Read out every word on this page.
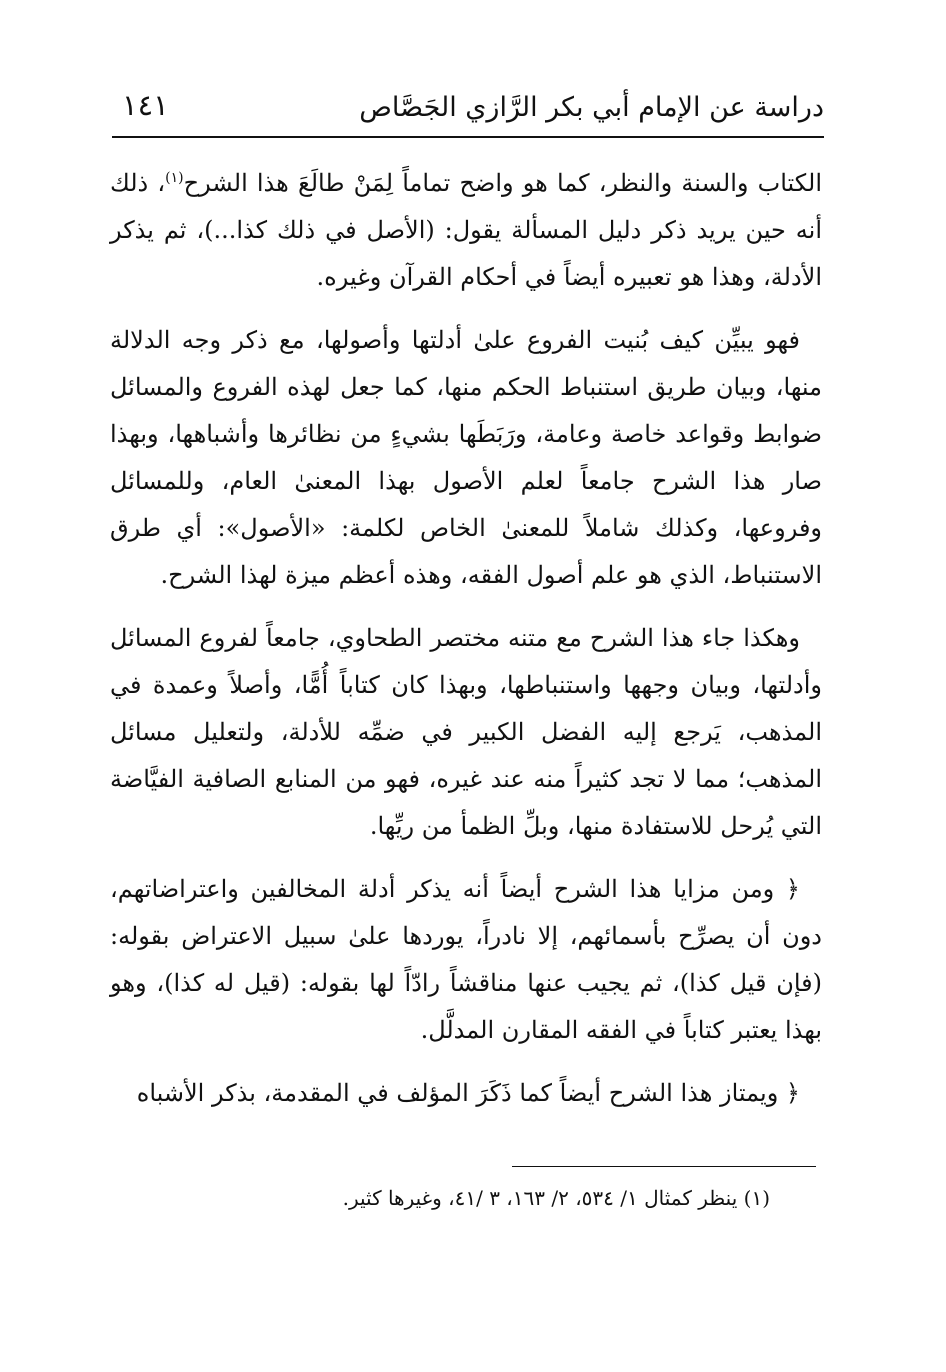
دراسة عن الإمام أبي بكر الرَّازي الجَصَّاص
١٤١

الكتاب والسنة والنظر، كما هو واضح تماماً لِمَنْ طالَعَ هذا الشرح$^{(١)}$، ذلك أنه حين يريد ذكر دليل المسألة يقول: (الأصل في ذلك كذا...)، ثم يذكر الأدلة، وهذا هو تعبيره أيضاً في أحكام القرآن وغيره.

فهو يبيِّن كيف بُنيت الفروع علىٰ أدلتها وأصولها، مع ذكر وجه الدلالة منها، وبيان طريق استنباط الحكم منها، كما جعل لهذه الفروع والمسائل ضوابط وقواعد خاصة وعامة، ورَبَطَها بشيءٍ من نظائرها وأشباهها، وبهذا صار هذا الشرح جامعاً لعلم الأصول بهذا المعنىٰ العام، وللمسائل وفروعها، وكذلك شاملاً للمعنىٰ الخاص لكلمة: «الأصول»: أي طرق الاستنباط، الذي هو علم أصول الفقه، وهذه أعظم ميزة لهذا الشرح.

وهكذا جاء هذا الشرح مع متنه مختصر الطحاوي، جامعاً لفروع المسائل وأدلتها، وبيان وجهها واستنباطها، وبهذا كان كتاباً أُمًّا، وأصلاً وعمدة في المذهب، يَرجع إليه الفضل الكبير في ضمِّه للأدلة، ولتعليل مسائل المذهب؛ مما لا تجد كثيراً منه عند غيره، فهو من المنابع الصافية الفيَّاضة التي يُرحل للاستفادة منها، وبلِّ الظمأ من ريِّها.

﴿ ومن مزايا هذا الشرح أيضاً أنه يذكر أدلة المخالفين واعتراضاتهم، دون أن يصرِّح بأسمائهم، إلا نادراً، يوردها علىٰ سبيل الاعتراض بقوله: (فإن قيل كذا)، ثم يجيب عنها مناقشاً رادّاً لها بقوله: (قيل له كذا)، وهو بهذا يعتبر كتاباً في الفقه المقارن المدلَّل.

﴿ ويمتاز هذا الشرح أيضاً كما ذَكَرَ المؤلف في المقدمة، بذكر الأشباه

(١) ينظر كمثال ١/ ٥٣٤، ٢/ ١٦٣، ٣ /٤١، وغيرها كثير.
